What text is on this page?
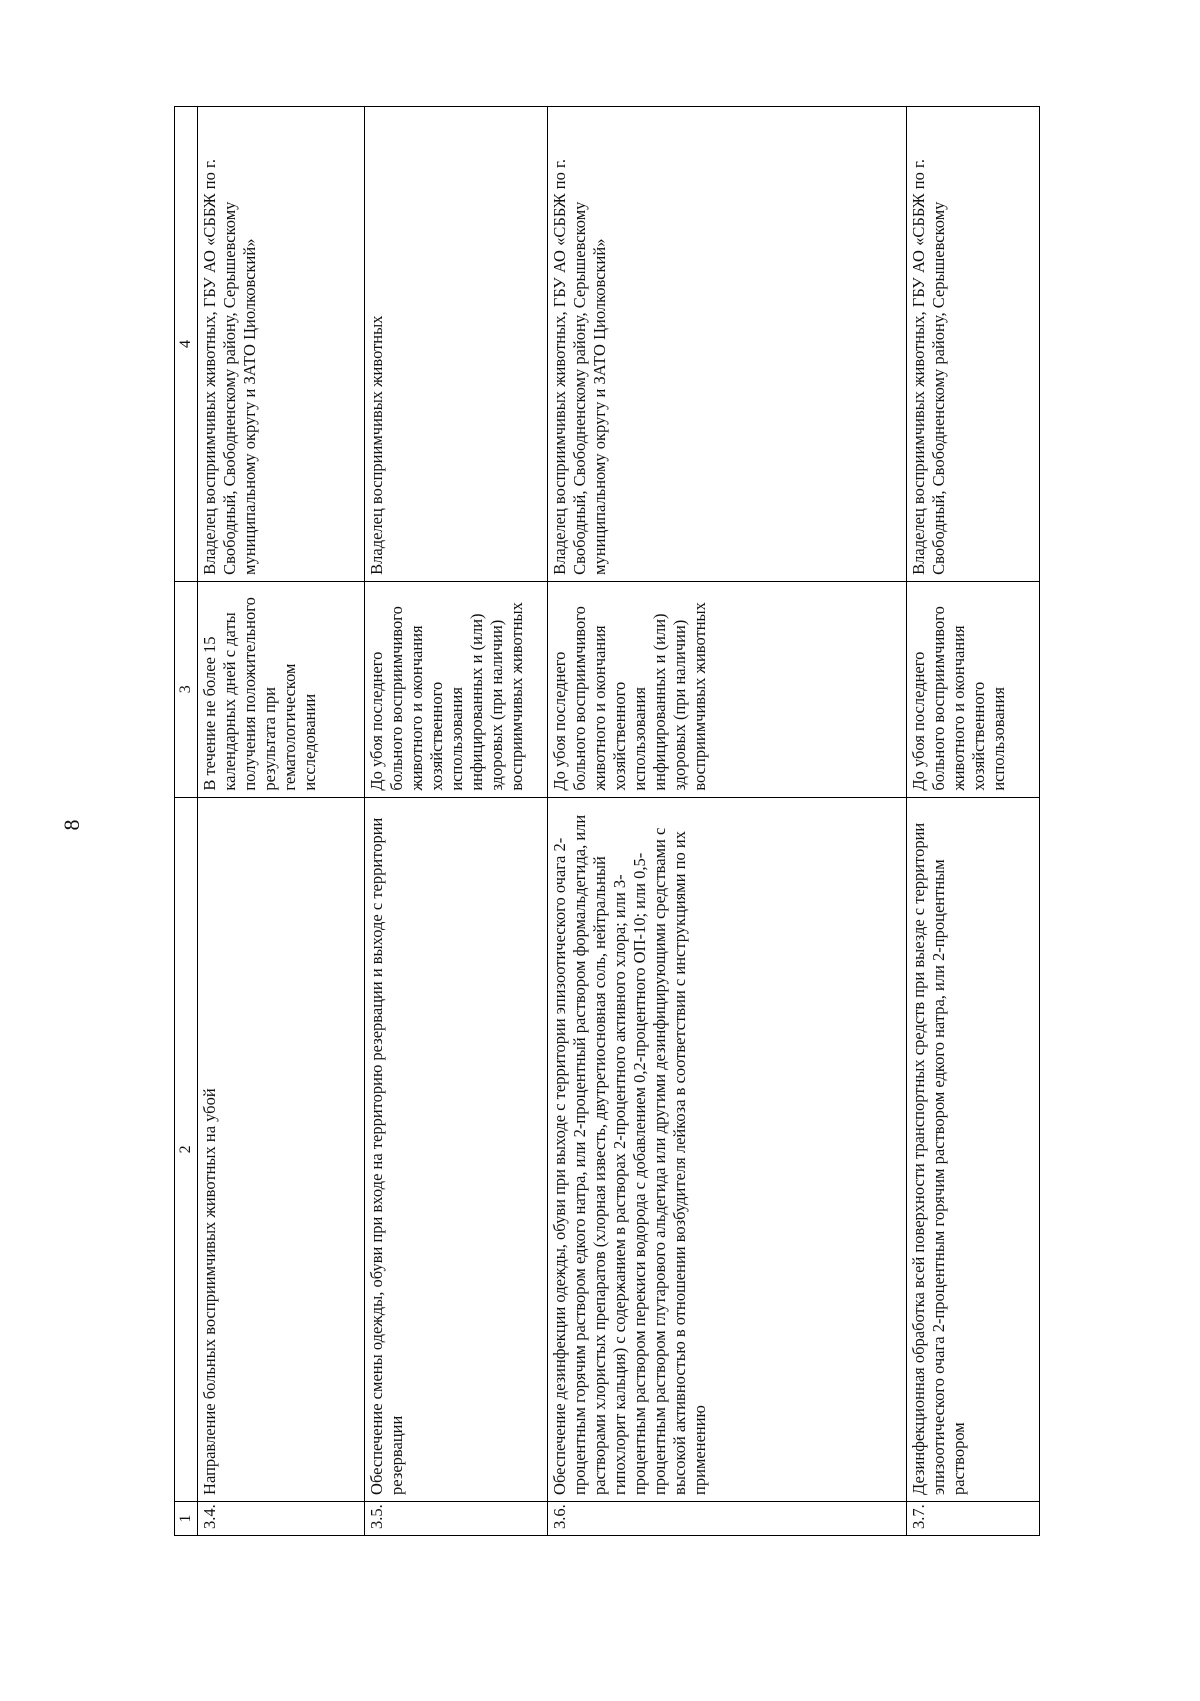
8
1	2	3	4
3.4.	Направление больных восприимчивых животных на убой	В течение не более 15 календарных дней с даты получения положительного результата при гематологическом исследовании	Владелец восприимчивых животных, ГБУ АО «СББЖ по г. Свободный, Свободненскому району, Серышевскому муниципальному округу и ЗАТО Циолковский»
3.5.	Обеспечение смены одежды, обуви при входе на территорию резервации и выходе с территории резервации	До убоя последнего больного восприимчивого животного и окончания хозяйственного использования инфицированных и (или) здоровых (при наличии) восприимчивых животных	Владелец восприимчивых животных
3.6.	Обеспечение дезинфекции одежды, обуви при выходе с территории эпизоотического очага 2-процентным горячим раствором едкого натра, или 2-процентный раствором формальдегида, или растворами хлористых препаратов (хлорная известь, двутретиосновная соль, нейтральный гипохлорит кальция) с содержанием в растворах 2-процентного активного хлора; или 3-процентным раствором перекиси водорода с добавлением 0,2-процентного ОП-10; или 0,5-процентным раствором глутарового альдегида или другими дезинфицирующими средствами с высокой активностью в отношении возбудителя лейкоза в соответствии с инструкциями по их применению	До убоя последнего больного восприимчивого животного и окончания хозяйственного использования инфицированных и (или) здоровых (при наличии) восприимчивых животных	Владелец восприимчивых животных, ГБУ АО «СББЖ по г. Свободный, Свободненскому району, Серышевскому муниципальному округу и ЗАТО Циолковский»
3.7.	Дезинфекционная обработка всей поверхности транспортных средств при выезде с территории эпизоотического очага 2-процентным горячим раствором едкого натра, или 2-процентным раствором	До убоя последнего больного восприимчивого животного и окончания хозяйственного использования	Владелец восприимчивых животных, ГБУ АО «СББЖ по г. Свободный, Свободненскому району, Серышевскому
